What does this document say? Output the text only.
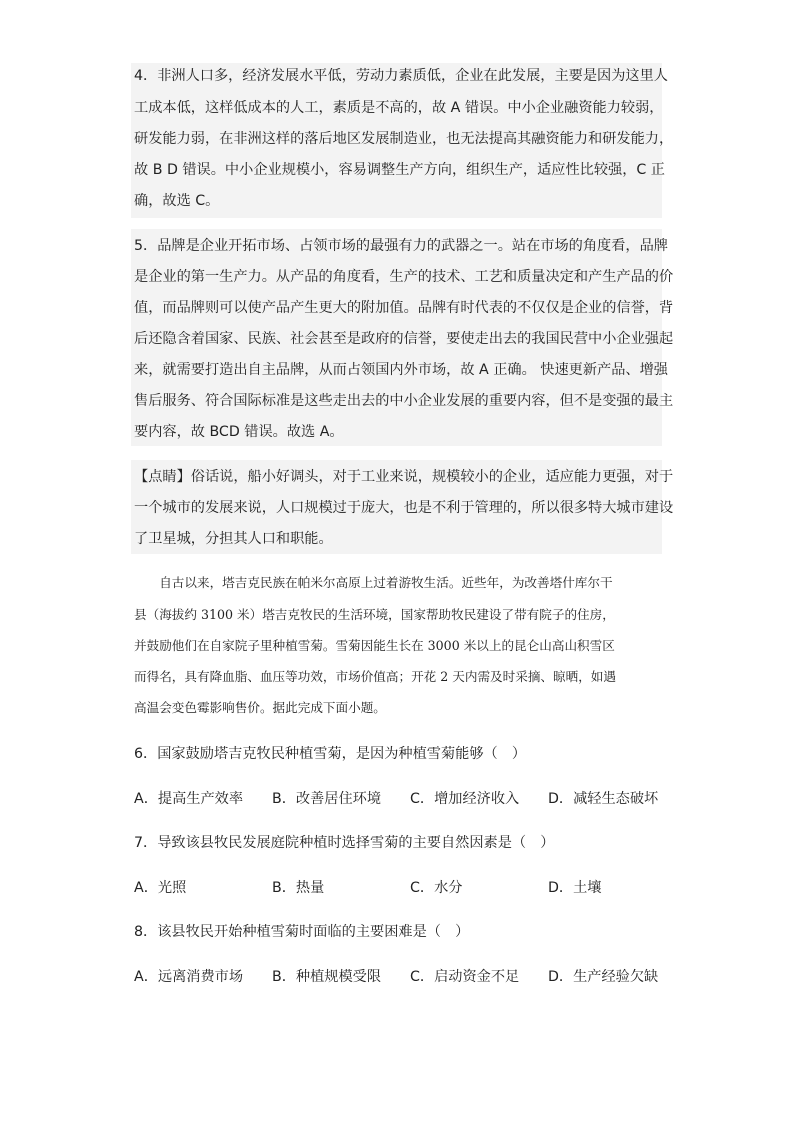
4．非洲人口多，经济发展水平低，劳动力素质低，企业在此发展，主要是因为这里人
工成本低，这样低成本的人工，素质是不高的，故 A 错误。中小企业融资能力较弱，
研发能力弱，在非洲这样的落后地区发展制造业，也无法提高其融资能力和研发能力，
故 B D 错误。中小企业规模小，容易调整生产方向，组织生产，适应性比较强，C 正
确，故选 C。
5．品牌是企业开拓市场、占领市场的最强有力的武器之一。站在市场的角度看，品牌
是企业的第一生产力。从产品的角度看，生产的技术、工艺和质量决定和产生产品的价
值，而品牌则可以使产品产生更大的附加值。品牌有时代表的不仅仅是企业的信誉，背
后还隐含着国家、民族、社会甚至是政府的信誉，要使走出去的我国民营中小企业强起
来，就需要打造出自主品牌，从而占领国内外市场，故 A 正确。 快速更新产品、增强
售后服务、符合国际标准是这些走出去的中小企业发展的重要内容，但不是变强的最主
要内容，故 BCD 错误。故选 A。
【点睛】俗话说，船小好调头，对于工业来说，规模较小的企业，适应能力更强，对于
一个城市的发展来说，人口规模过于庞大，也是不利于管理的，所以很多特大城市建设
了卫星城，分担其人口和职能。
　　自古以来，塔吉克民族在帕米尔高原上过着游牧生活。近些年，为改善塔什库尔干
县（海拔约 3100 米）塔吉克牧民的生活环境，国家帮助牧民建设了带有院子的住房，
并鼓励他们在自家院子里种植雪菊。雪菊因能生长在 3000 米以上的昆仑山高山积雪区
而得名，具有降血脂、血压等功效，市场价值高；开花 2 天内需及时采摘、晾晒，如遇
高温会变色霉影响售价。据此完成下面小题。
6．国家鼓励塔吉克牧民种植雪菊，是因为种植雪菊能够（　）
A．提高生产效率 B．改善居住环境 C．增加经济收入 D．减轻生态破坏
7．导致该县牧民发展庭院种植时选择雪菊的主要自然因素是（　）
A．光照	B．热量	C．水分	D．土壤
8．该县牧民开始种植雪菊时面临的主要困难是（　）
A．远离消费市场 B．种植规模受限 C．启动资金不足 D．生产经验欠缺
